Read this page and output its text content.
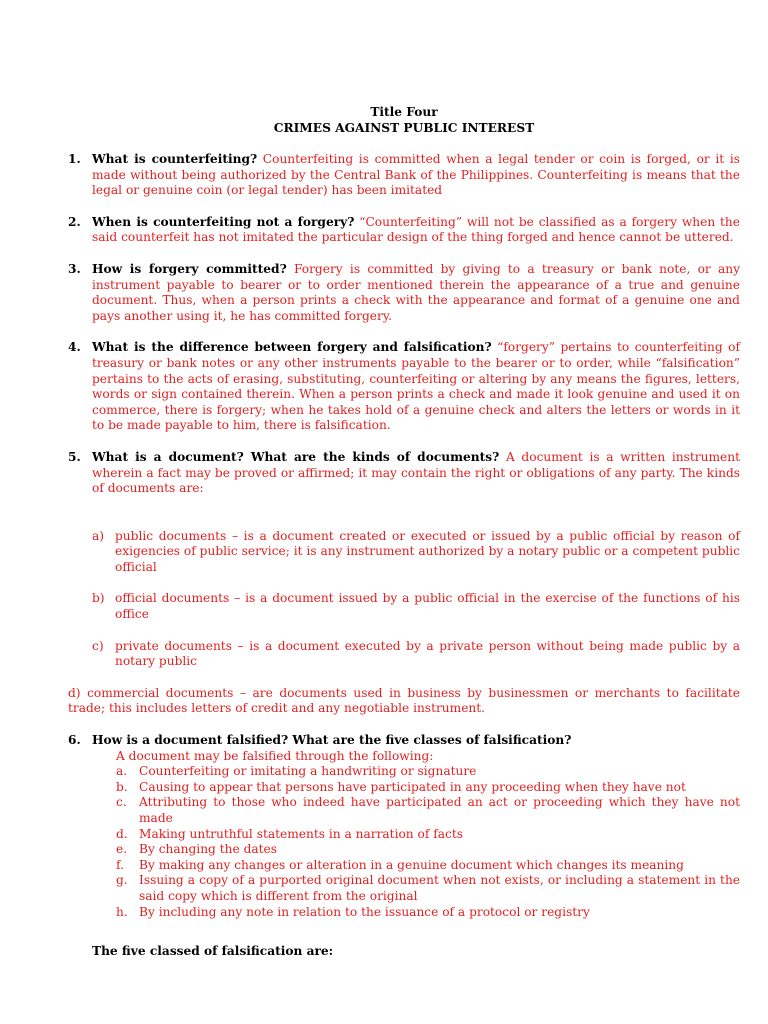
Title Four
CRIMES AGAINST PUBLIC INTEREST
1. What is counterfeiting? Counterfeiting is committed when a legal tender or coin is forged, or it is made without being authorized by the Central Bank of the Philippines. Counterfeiting is means that the legal or genuine coin (or legal tender) has been imitated
2. When is counterfeiting not a forgery? “Counterfeiting” will not be classified as a forgery when the said counterfeit has not imitated the particular design of the thing forged and hence cannot be uttered.
3. How is forgery committed? Forgery is committed by giving to a treasury or bank note, or any instrument payable to bearer or to order mentioned therein the appearance of a true and genuine document. Thus, when a person prints a check with the appearance and format of a genuine one and pays another using it, he has committed forgery.
4. What is the difference between forgery and falsification? “forgery” pertains to counterfeiting of treasury or bank notes or any other instruments payable to the bearer or to order, while “falsification” pertains to the acts of erasing, substituting, counterfeiting or altering by any means the figures, letters, words or sign contained therein. When a person prints a check and made it look genuine and used it on commerce, there is forgery; when he takes hold of a genuine check and alters the letters or words in it to be made payable to him, there is falsification.
5. What is a document? What are the kinds of documents? A document is a written instrument wherein a fact may be proved or affirmed; it may contain the right or obligations of any party. The kinds of documents are:
a) public documents – is a document created or executed or issued by a public official by reason of exigencies of public service; it is any instrument authorized by a notary public or a competent public official
b) official documents – is a document issued by a public official in the exercise of the functions of his office
c) private documents – is a document executed by a private person without being made public by a notary public
d) commercial documents – are documents used in business by businessmen or merchants to facilitate trade; this includes letters of credit and any negotiable instrument.
6. How is a document falsified? What are the five classes of falsification?
A document may be falsified through the following:
a. Counterfeiting or imitating a handwriting or signature
b. Causing to appear that persons have participated in any proceeding when they have not
c. Attributing to those who indeed have participated an act or proceeding which they have not made
d. Making untruthful statements in a narration of facts
e. By changing the dates
f. By making any changes or alteration in a genuine document which changes its meaning
g. Issuing a copy of a purported original document when not exists, or including a statement in the said copy which is different from the original
h. By including any note in relation to the issuance of a protocol or registry
The five classed of falsification are:
